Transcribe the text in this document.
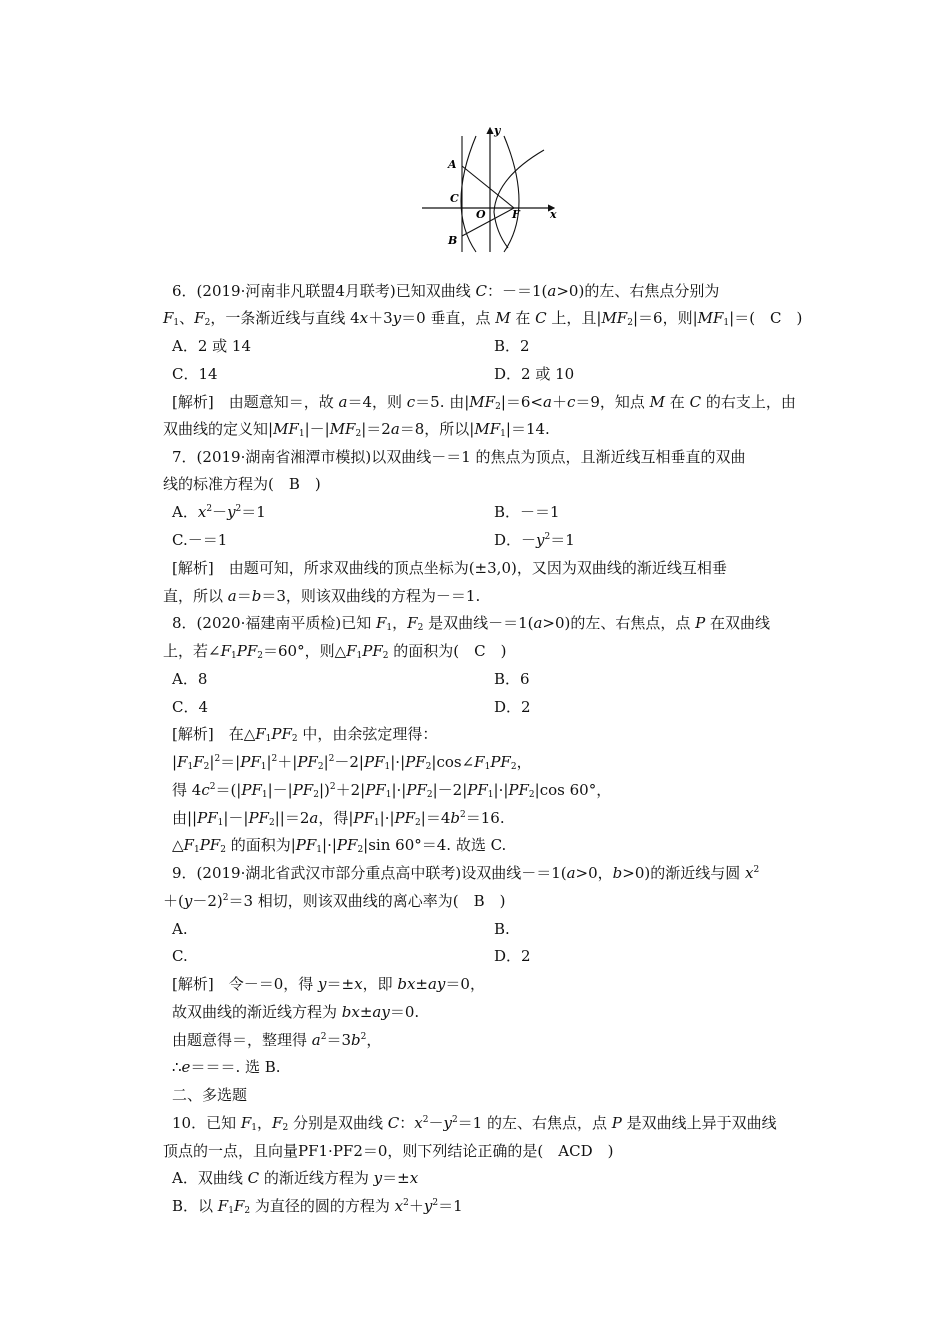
y
A
C
O F	x
B
6．(2019·河南非凡联盟4月联考)已知双曲线 C：－＝1(a>0)的左、右焦点分别为
$F_1$、$F_2$，一条渐近线与直线 4x＋3y＝0 垂直，点 M 在 C 上，且$|MF_2|=6$，则$|MF_1|=$(　C　)
A．2 或 14	B．2
C．14	D．2 或 10
[解析]　由题意知＝，故 a＝4，则 c＝5. 由$|MF_2|=6<a+c=9$，知点 M 在 C 的右支上，由
双曲线的定义知$|MF_1|-|MF_2|=2a=8$，所以$|MF_1|=14$.
7．(2019·湖南省湘潭市模拟)以双曲线－＝1 的焦点为顶点，且渐近线互相垂直的双曲
线的标准方程为(　B　)
A．$x^2-y^2=1$	B．－＝1
C.－＝1	D．$-y^2=1$
[解析]　由题可知，所求双曲线的顶点坐标为(±3,0)，又因为双曲线的渐近线互相垂
直，所以 a＝b＝3，则该双曲线的方程为－＝1.
8．(2020·福建南平质检)已知 $F_1$，$F_2$ 是双曲线－＝1(a>0)的左、右焦点，点 P 在双曲线
上，若$\angle F_1PF_2=60^\circ$，则$\triangle F_1PF_2$ 的面积为(　C　)
A．8	B．6
C．4	D．2
[解析]　在$\triangle F_1PF_2$ 中，由余弦定理得：
$|F_1F_2|^2=|PF_1|^2+|PF_2|^2-2|PF_1|\cdot|PF_2|\cos\angle F_1PF_2$，
得 $4c^2=(|PF_1|-|PF_2|)^2+2|PF_1|\cdot|PF_2|-2|PF_1|\cdot|PF_2|\cos$ 60°，
由$||PF_1|-|PF_2||=2a$，得$|PF_1|\cdot|PF_2|=4b^2=16$.
$\triangle F_1PF_2$ 的面积为$|PF_1|\cdot|PF_2|\sin$ 60°＝4. 故选 C.
9．(2019·湖北省武汉市部分重点高中联考)设双曲线－＝1(a>0，b>0)的渐近线与圆 $x^2$
$+(y-2)^2=3$ 相切，则该双曲线的离心率为(　B　)
A.	B.
C.	D．2
[解析]　令－＝0，得 y＝±x，即 bx±ay＝0，
故双曲线的渐近线方程为 bx±ay＝0.
由题意得＝，整理得 $a^2=3b^2$，
∴e＝＝＝. 选 B.
二、多选题
10．已知 $F_1$，$F_2$ 分别是双曲线 C：$x^2-y^2=1$ 的左、右焦点，点 P 是双曲线上异于双曲线
顶点的一点，且向量PF1·PF2＝0，则下列结论正确的是(　ACD　)
A．双曲线 C 的渐近线方程为 y＝±x
B．以 $F_1F_2$ 为直径的圆的方程为 $x^2+y^2=1$
